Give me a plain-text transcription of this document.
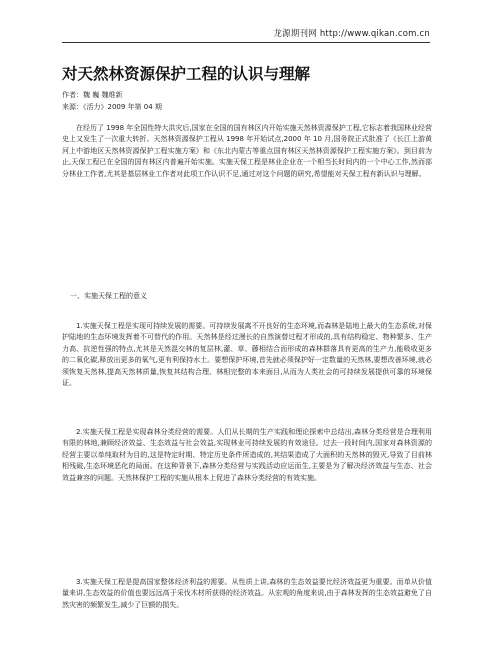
龙源期刊网 http://www.qikan.com.cn
对天然林资源保护工程的认识与理解
作者：魏 巍 魏维新
来源：《活力》2009 年第 04 期
在经历了 1998 年全国性特大洪灾后,国家在全国的国有林区内开始实施天然林资源保护工程,它标志着我国林业经营史上又发生了一次重大转折。天然林资源保护工程从 1998 年开始试点,2000 年 10 月,国务院正式批准了《长江上游黄河上中游地区天然林资源保护工程实施方案》和《东北内蒙古等重点国有林区天然林资源保护工程实施方案》。到目前为止,天保工程已在全国的国有林区内普遍开始实施。实施天保工程是林业企业在一个相当长时间内的一个中心工作,然而部分林业工作者,尤其是基层林业工作者对此项工作认识不足,通过对这个问题的研究,希望能对天保工程有新认识与理解。
一、实施天保工程的意义
1.实施天保工程是实现可持续发展的需要。可持续发展离不开良好的生态环境,而森林是陆地上最大的生态系统,对保护陆地的生态环境发挥着不可替代的作用。天然林是经过漫长的自然演替过程才形成的,具有结构稳定、物种繁多、生产力高、抗逆性强的特点,尤其是天然混交林的复层林,灌、草、藤相结合而形成的森林群落具有更高的生产力,能吸收更多的二氧化碳,释放出更多的氧气,更有利保持水土。要想保护环境,首先就必须保护好一定数量的天然林,要想改善环境,就必须恢复天然林,提高天然林质量,恢复其结构合理、林相完整的本来面目,从而为人类社会的可持续发展提供可靠的环境保证。
2.实施天保工程是实现森林分类经营的需要。人们从长期的生产实践和理论探索中总结出,森林分类经营是合理利用有限的林地,兼顾经济效益、生态效益与社会效益,实现林业可持续发展的有效途径。过去一段时间内,国家对森林资源的经营主要以单纯取材为目的,这是特定时期、特定历史条件所造成的,其结果造成了大面积的天然林的毁灭,导致了目前林相残破,生态环境恶化的局面。在这种背景下,森林分类经营与实践活动应运而生,主要是为了解决经济效益与生态、社会效益兼容的问题。天然林保护工程的实施从根本上促进了森林分类经营的有效实施。
3.实施天保工程是提高国家整体经济利益的需要。从性质上讲,森林的生态效益要比经济效益更为重要。而单从价值量来讲,生态效益的价值也要远远高于采伐木材所获得的经济效益。从宏观的角度来说,由于森林发挥的生态效益避免了自然灾害的频繁发生,减少了巨额的损失。
